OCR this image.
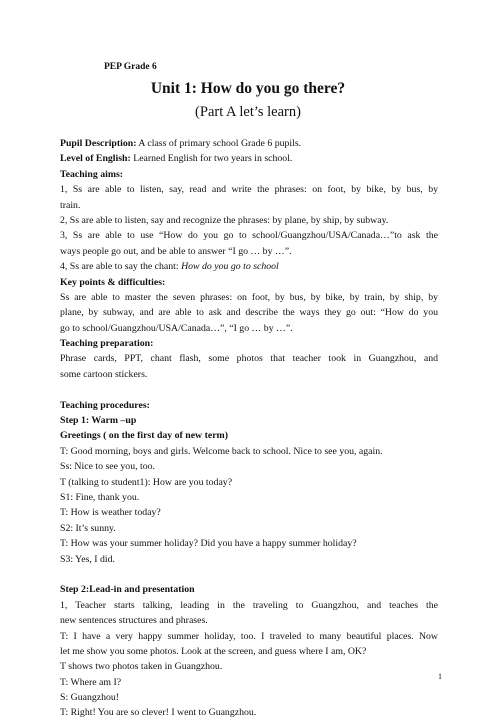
PEP Grade 6
Unit 1: How do you go there?
(Part A let’s learn)
Pupil Description: A class of primary school Grade 6 pupils.
Level of English: Learned English for two years in school.
Teaching aims:
1, Ss are able to listen, say, read and write the phrases: on foot, by bike, by bus, by
train.
2, Ss are able to listen, say and recognize the phrases: by plane, by ship, by subway.
3, Ss are able to use “How do you go to school/Guangzhou/USA/Canada…”to ask the
ways people go out, and be able to answer “I go … by …”.
4, Ss are able to say the chant: How do you go to school
Key points & difficulties:
Ss are able to master the seven phrases: on foot, by bus, by bike, by train, by ship, by
plane, by subway, and are able to ask and describe the ways they go out: “How do you
go to school/Guangzhou/USA/Canada…”, “I go … by …”.
Teaching preparation:
Phrase cards, PPT, chant flash, some photos that teacher took in Guangzhou, and
some cartoon stickers.
Teaching procedures:
Step 1: Warm –up
Greetings ( on the first day of new term)
T: Good morning, boys and girls. Welcome back to school. Nice to see you, again.
Ss: Nice to see you, too.
T (talking to student1): How are you today?
S1: Fine, thank you.
T: How is weather today?
S2: It’s sunny.
T: How was your summer holiday? Did you have a happy summer holiday?
S3: Yes, I did.
Step 2:Lead-in and presentation
1, Teacher starts talking, leading in the traveling to Guangzhou, and teaches the
new sentences structures and phrases.
T: I have a very happy summer holiday, too. I traveled to many beautiful places. Now
let me show you some photos. Look at the screen, and guess where I am, OK?
T shows two photos taken in Guangzhou.
T: Where am I?
S: Guangzhou!
T: Right! You are so clever! I went to Guangzhou.
1
